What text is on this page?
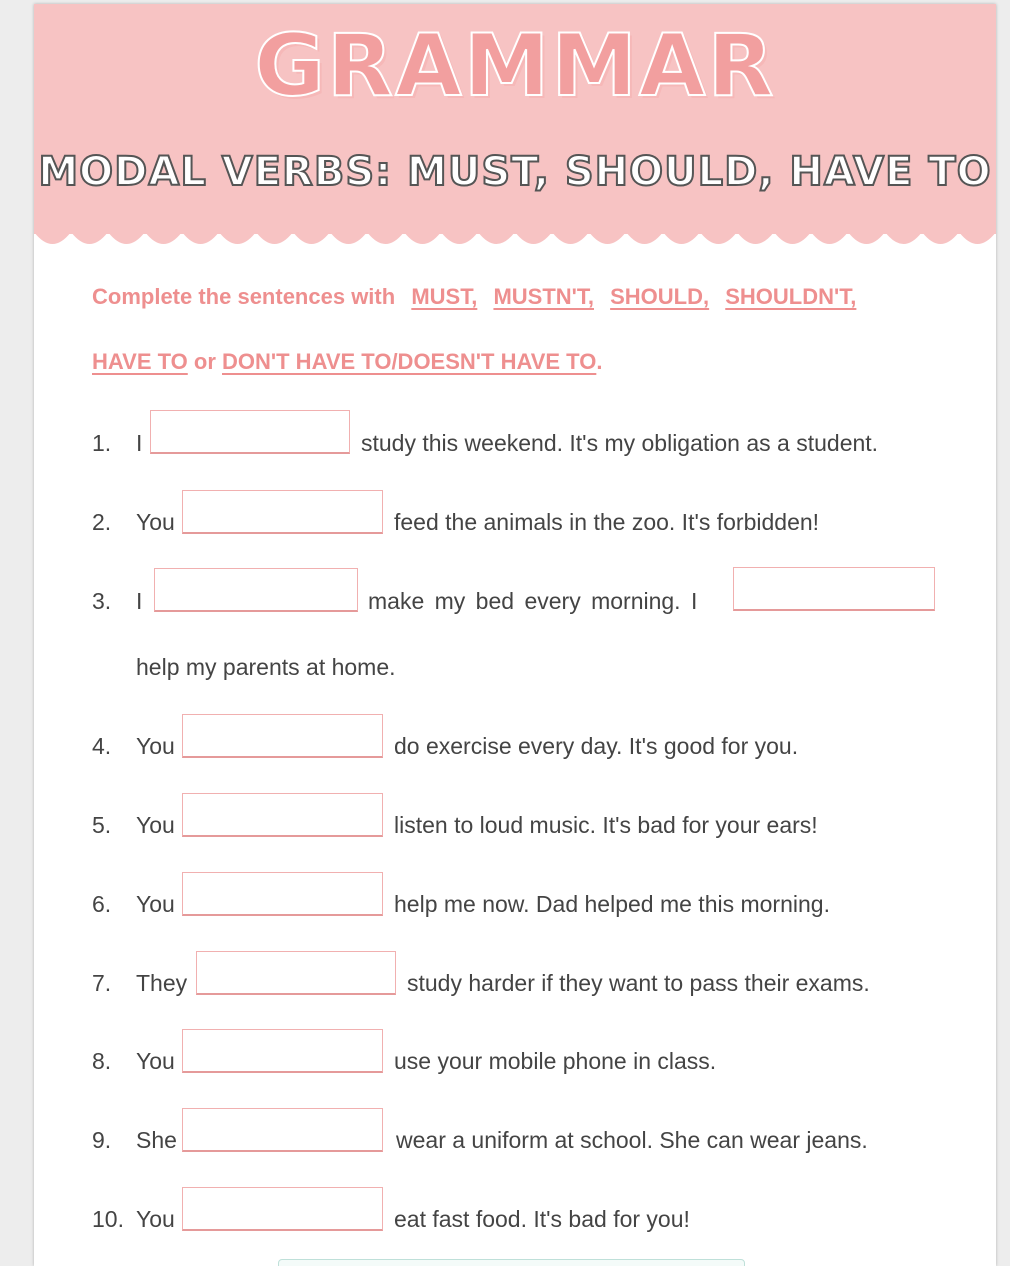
GRAMMAR
MODAL VERBS: MUST, SHOULD, HAVE TO
Complete the sentences with MUST, MUSTN'T, SHOULD, SHOULDN'T,
HAVE TO or DON'T HAVE TO/DOESN'T HAVE TO.
1. I	study this weekend. It's my obligation as a student.
2. You	feed the animals in the zoo. It's forbidden!
3. I	make my bed every morning. I
help my parents at home.
4. You	do exercise every day. It's good for you.
5. You	listen to loud music. It's bad for your ears!
6. You	help me now. Dad helped me this morning.
7. They	study harder if they want to pass their exams.
8. You	use your mobile phone in class.
9. She	wear a uniform at school. She can wear jeans.
10. You	eat fast food. It's bad for you!
